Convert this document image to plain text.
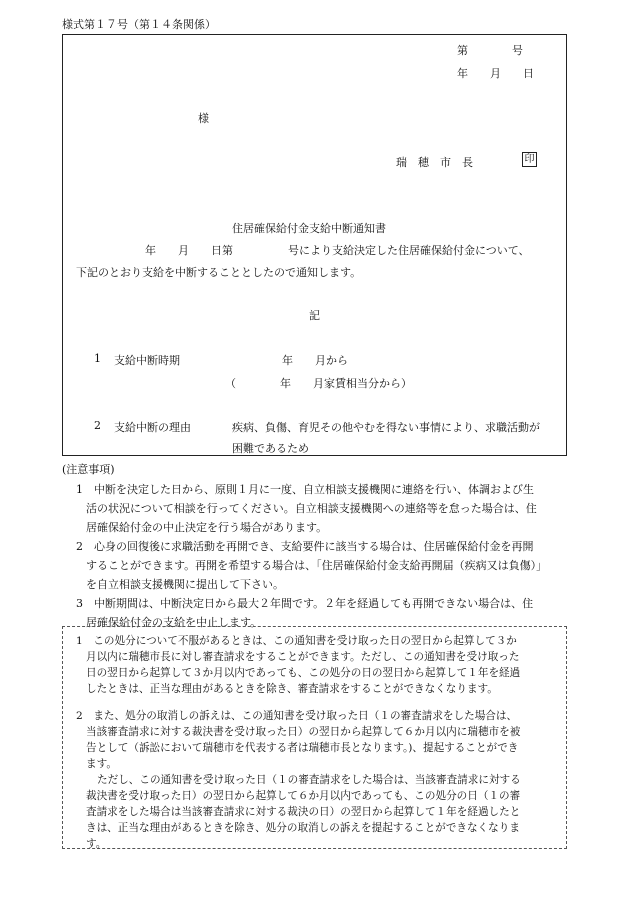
様式第１７号（第１４条関係）
第　　　　号
年　　月　　日
様
瑞　穂　市　長	印
住居確保給付金支給中断通知書
年　　月　　日第　　　　　号により支給決定した住居確保給付金について、
下記のとおり支給を中断することとしたので通知します。
記
1 支給中断時期	年　　月から
（　　　　年　　月家賃相当分から）
2 支給中断の理由	疾病、負傷、育児その他やむを得ない事情により、求職活動が
困難であるため
(注意事項)
1　中断を決定した日から、原則１月に一度、自立相談支援機関に連絡を行い、体調および生
活の状況について相談を行ってください。自立相談支援機関への連絡等を怠った場合は、住
居確保給付金の中止決定を行う場合があります。
2　心身の回復後に求職活動を再開でき、支給要件に該当する場合は、住居確保給付金を再開
することができます。再開を希望する場合は、｢住居確保給付金支給再開届（疾病又は負傷）｣
を自立相談支援機関に提出して下さい。
3　中断期間は、中断決定日から最大２年間です。２年を経過しても再開できない場合は、住
居確保給付金の支給を中止します。
1　この処分について不服があるときは、この通知書を受け取った日の翌日から起算して３か
月以内に瑞穂市長に対し審査請求をすることができます。ただし、この通知書を受け取った
日の翌日から起算して３か月以内であっても、この処分の日の翌日から起算して１年を経過
したときは、正当な理由があるときを除き、審査請求をすることができなくなります。
2　また、処分の取消しの訴えは、この通知書を受け取った日（１の審査請求をした場合は、
当該審査請求に対する裁決書を受け取った日）の翌日から起算して６か月以内に瑞穂市を被
告として（訴訟において瑞穂市を代表する者は瑞穂市長となります。)、提起することができ
ます。
ただし、この通知書を受け取った日（１の審査請求をした場合は、当該審査請求に対する
裁決書を受け取った日）の翌日から起算して６か月以内であっても、この処分の日（１の審
査請求をした場合は当該審査請求に対する裁決の日）の翌日から起算して１年を経過したと
きは、正当な理由があるときを除き、処分の取消しの訴えを提起することができなくなりま
す。
